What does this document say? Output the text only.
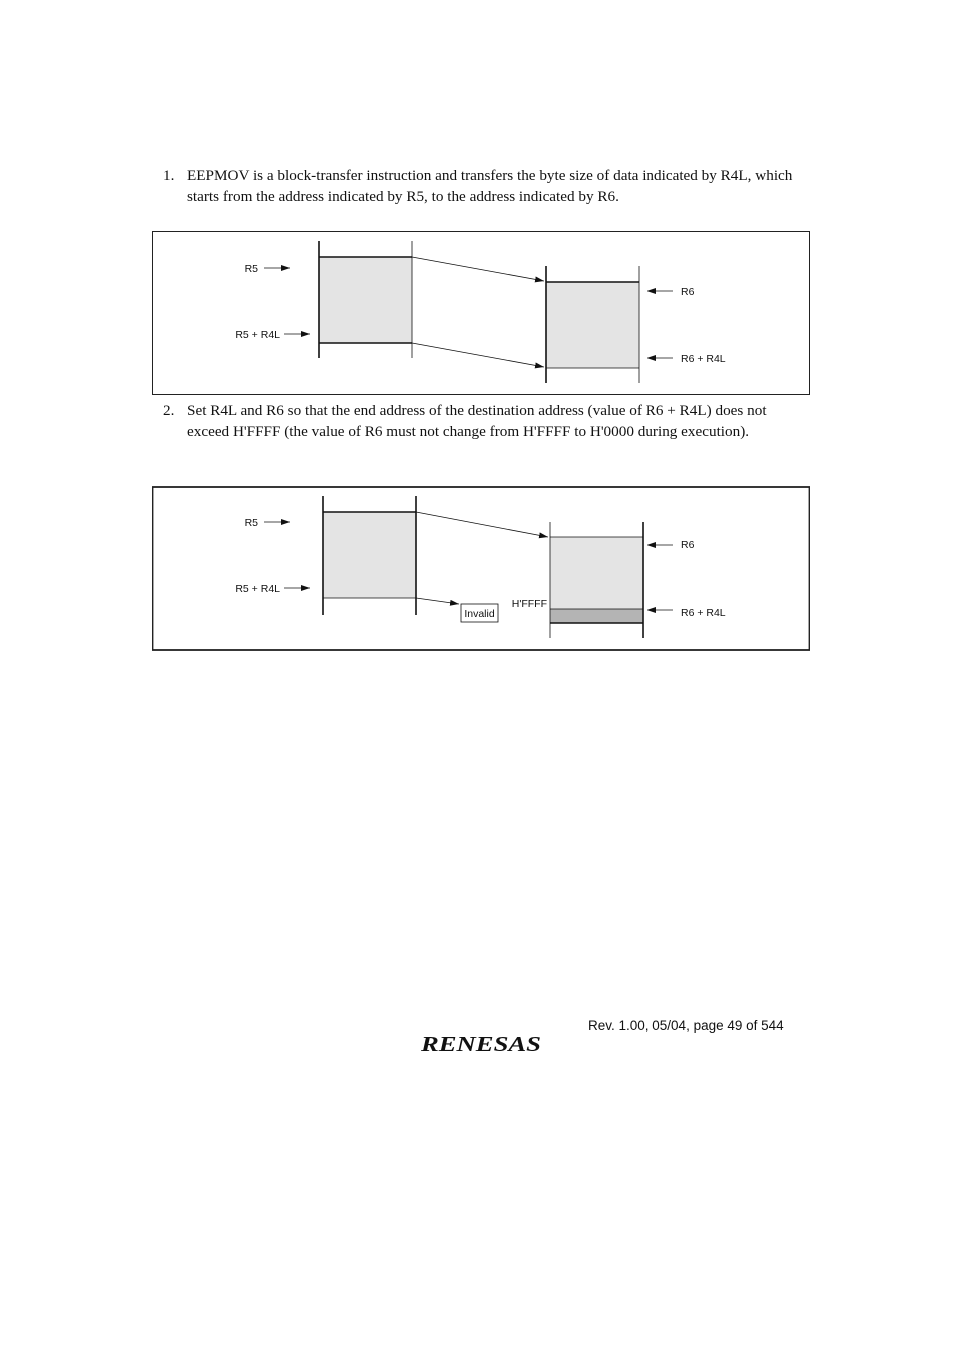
1. EEPMOV is a block-transfer instruction and transfers the byte size of data indicated by R4L, which starts from the address indicated by R5, to the address indicated by R6.
R5
R5 + R4L
R6
R6 + R4L
2. Set R4L and R6 so that the end address of the destination address (value of R6 + R4L) does not exceed H'FFFF (the value of R6 must not change from H'FFFF to H'0000 during execution).
Invalid
R5
R5 + R4L
H'FFFF
R6
R6 + R4L
Rev. 1.00, 05/04, page 49 of 544
RENESAS
